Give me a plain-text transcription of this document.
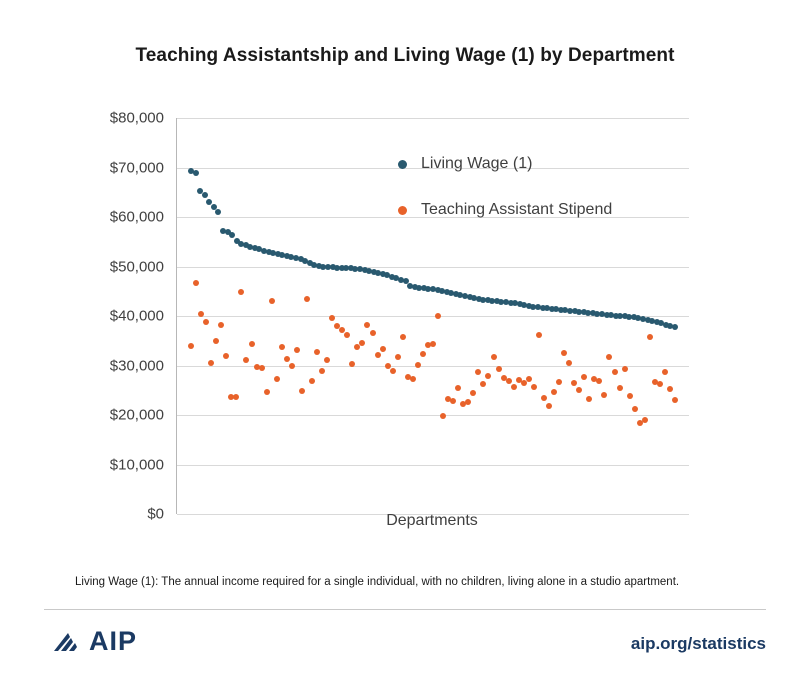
Teaching Assistantship and Living Wage (1) by Department
$0
$10,000
$20,000
$30,000
$40,000
$50,000
$60,000
$70,000
$80,000
Departments
Living Wage (1)
Teaching Assistant Stipend
Living Wage (1): The annual income required for a single individual, with no children, living alone in a studio apartment.
AIP	aip.org/statistics
